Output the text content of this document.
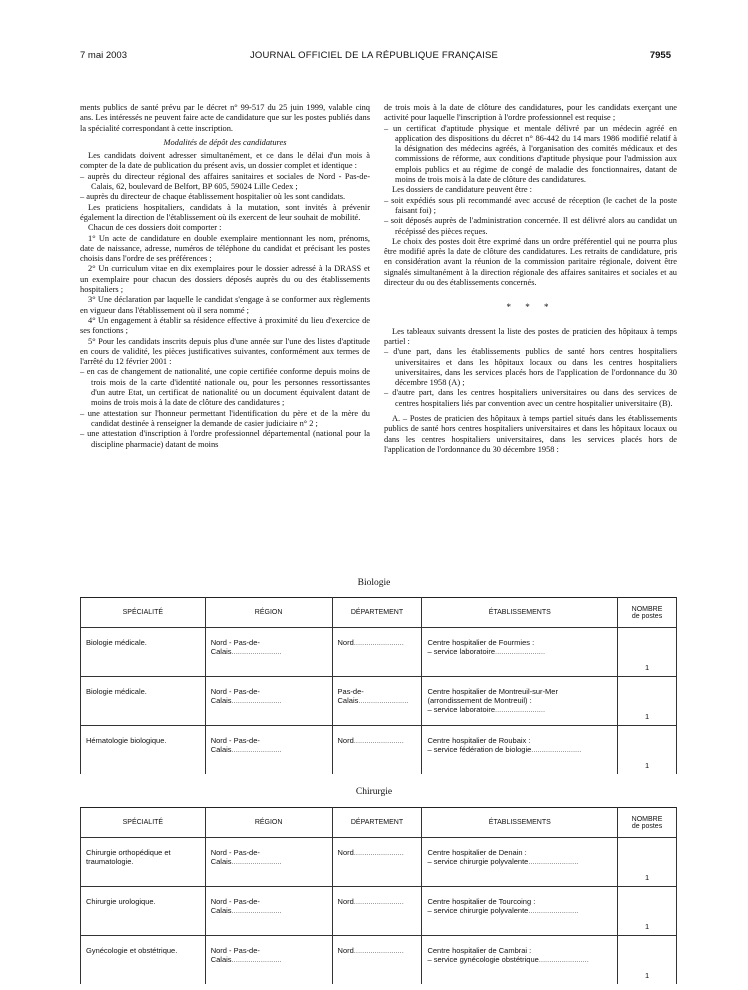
7 mai 2003	JOURNAL OFFICIEL DE LA RÉPUBLIQUE FRANÇAISE	7955

ments publics de santé prévu par le décret n° 99-517 du 25 juin 1999, valable cinq ans. Les intéressés ne peuvent faire acte de candidature que sur les postes publiés dans la spécialité correspondant à cette inscription.

Modalités de dépôt des candidatures

Les candidats doivent adresser simultanément, et ce dans le délai d'un mois à compter de la date de publication du présent avis, un dossier complet et identique :

– auprès du directeur régional des affaires sanitaires et sociales de Nord - Pas-de-Calais, 62, boulevard de Belfort, BP 605, 59024 Lille Cedex ;

– auprès du directeur de chaque établissement hospitalier où les sont candidats.

Les praticiens hospitaliers, candidats à la mutation, sont invités à prévenir également la direction de l'établissement où ils exercent de leur souhait de mobilité.

Chacun de ces dossiers doit comporter :

1° Un acte de candidature en double exemplaire mentionnant les nom, prénoms, date de naissance, adresse, numéros de téléphone du candidat et précisant les postes choisis dans l'ordre de ses préférences ;

2° Un curriculum vitae en dix exemplaires pour le dossier adressé à la DRASS et un exemplaire pour chacun des dossiers déposés auprès du ou des établissements hospitaliers ;

3° Une déclaration par laquelle le candidat s'engage à se conformer aux règlements en vigueur dans l'établissement où il sera nommé ;

4° Un engagement à établir sa résidence effective à proximité du lieu d'exercice de ses fonctions ;

5° Pour les candidats inscrits depuis plus d'une année sur l'une des listes d'aptitude en cours de validité, les pièces justificatives suivantes, conformément aux termes de l'arrêté du 12 février 2001 :

– en cas de changement de nationalité, une copie certifiée conforme depuis moins de trois mois de la carte d'identité nationale ou, pour les personnes ressortissantes d'un autre Etat, un certificat de nationalité ou un document équivalent datant de moins de trois mois à la date de clôture des candidatures ;

– une attestation sur l'honneur permettant l'identification du père et de la mère du candidat destinée à renseigner la demande de casier judiciaire n° 2 ;

– une attestation d'inscription à l'ordre professionnel départemental (national pour la discipline pharmacie) datant de moins

de trois mois à la date de clôture des candidatures, pour les candidats exerçant une activité pour laquelle l'inscription à l'ordre professionnel est requise ;

– un certificat d'aptitude physique et mentale délivré par un médecin agréé en application des dispositions du décret n° 86-442 du 14 mars 1986 modifié relatif à la désignation des médecins agréés, à l'organisation des comités médicaux et des commissions de réforme, aux conditions d'aptitude physique pour l'admission aux emplois publics et au régime de congé de maladie des fonctionnaires, datant de moins de trois mois à la date de clôture des candidatures.

Les dossiers de candidature peuvent être :

– soit expédiés sous pli recommandé avec accusé de réception (le cachet de la poste faisant foi) ;

– soit déposés auprès de l'administration concernée. Il est délivré alors au candidat un récépissé des pièces reçues.

Le choix des postes doit être exprimé dans un ordre préférentiel qui ne pourra plus être modifié après la date de clôture des candidatures. Les retraits de candidature, pris en considération avant la réunion de la commission paritaire régionale, doivent être signalés simultanément à la direction régionale des affaires sanitaires et sociales et au directeur du ou des établissements concernés.

* * *

Les tableaux suivants dressent la liste des postes de praticien des hôpitaux à temps partiel :

– d'une part, dans les établissements publics de santé hors centres hospitaliers universitaires et dans les hôpitaux locaux ou dans les centres hospitaliers universitaires, dans les services placés hors de l'application de l'ordonnance du 30 décembre 1958 (A) ;

– d'autre part, dans les centres hospitaliers universitaires ou dans des services de centres hospitaliers liés par convention avec un centre hospitalier universitaire (B).

A. – Postes de praticien des hôpitaux à temps partiel situés dans les établissements publics de santé hors centres hospitaliers universitaires et dans les hôpitaux locaux ou dans les centres hospitaliers universitaires, dans les services placés hors de l'application de l'ordonnance du 30 décembre 1958 :

Biologie
SPÉCIALITÉ	RÉGION	DÉPARTEMENT	ÉTABLISSEMENTS	NOMBRE
de postes
Biologie médicale.	Nord - Pas-de-Calais .....	Nord .....	Centre hospitalier de Fourmies :
– service laboratoire .....	1
Biologie médicale.	Nord - Pas-de-Calais .....	Pas-de-Calais .....	Centre hospitalier de Montreuil-sur-Mer (arrondissement de Montreuil) :
– service laboratoire .....	1
Hématologie biologique.	Nord - Pas-de-Calais .....	Nord .....	Centre hospitalier de Roubaix :
– service fédération de biologie .....	1
Chirurgie
SPÉCIALITÉ	RÉGION	DÉPARTEMENT	ÉTABLISSEMENTS	NOMBRE
de postes
Chirurgie orthopédique et traumatologie.	Nord - Pas-de-Calais .....	Nord .....	Centre hospitalier de Denain :
– service chirurgie polyvalente .....	1
Chirurgie urologique.	Nord - Pas-de-Calais .....	Nord .....	Centre hospitalier de Tourcoing :
– service chirurgie polyvalente .....	1
Gynécologie et obstétrique.	Nord - Pas-de-Calais .....	Nord .....	Centre hospitalier de Cambrai :
– service gynécologie obstétrique .....	1
